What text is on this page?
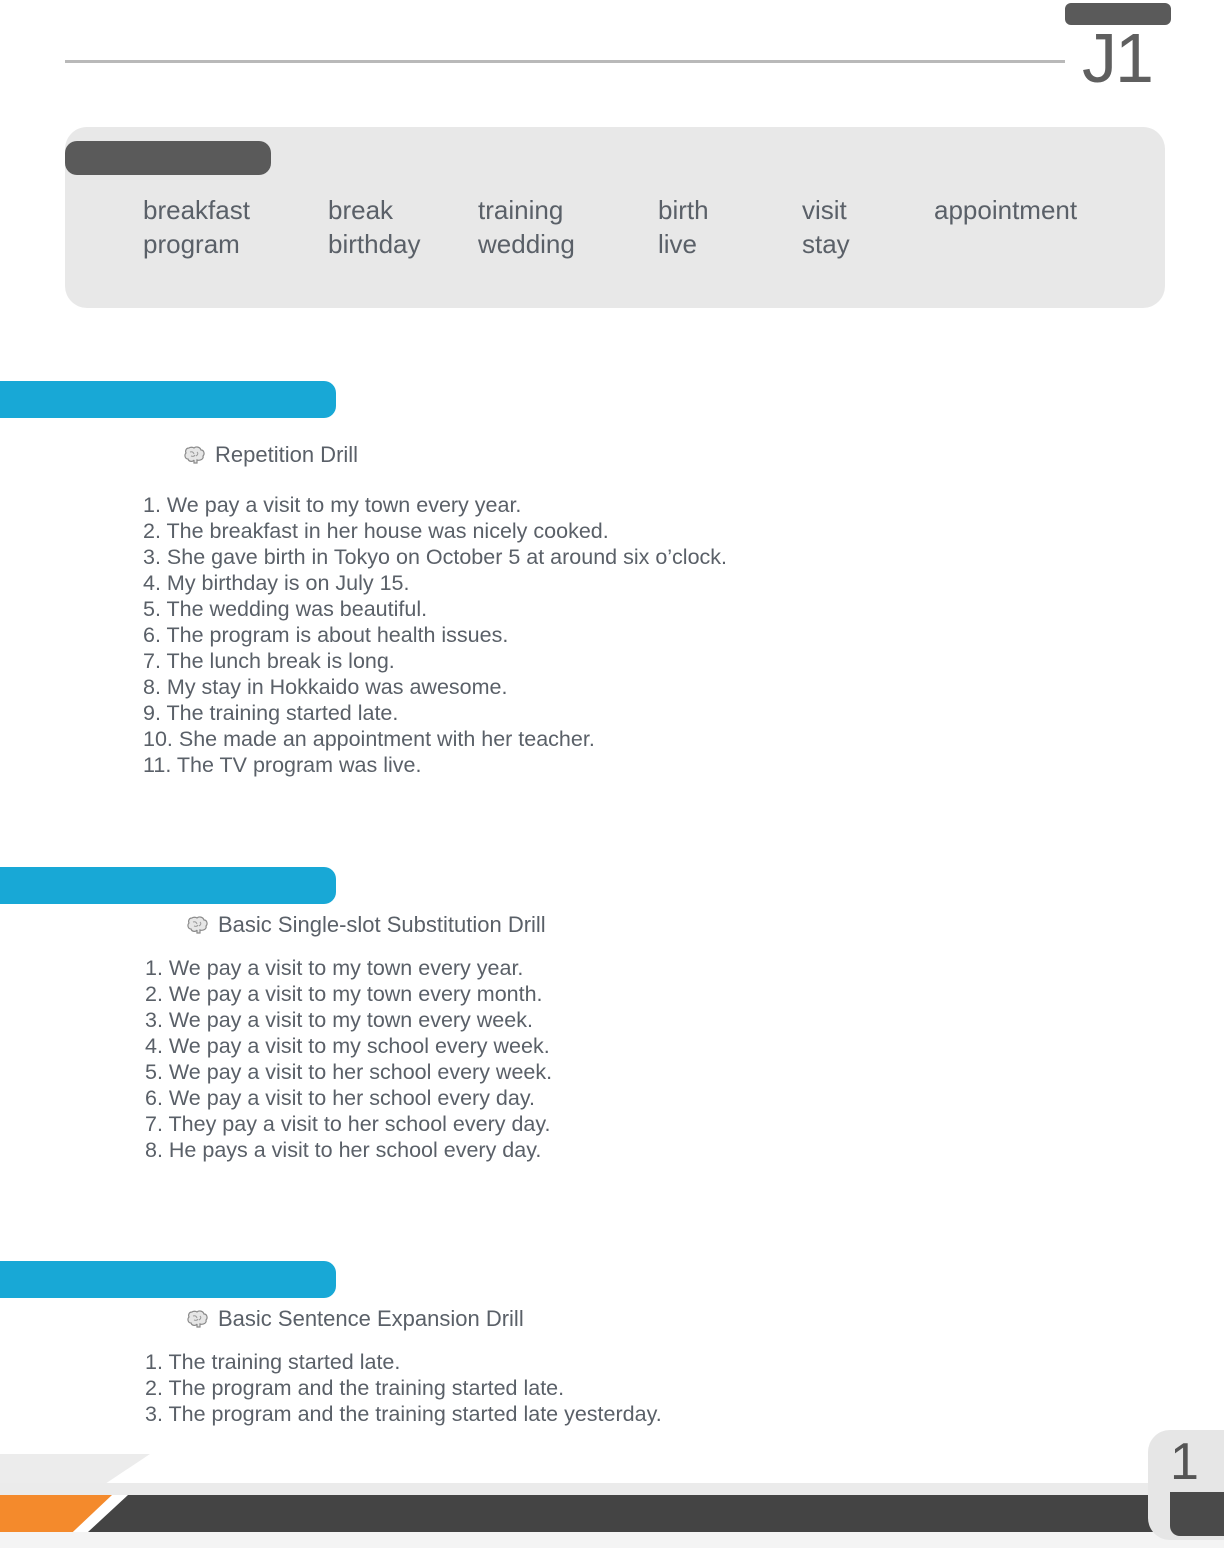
J1
breakfast
program
break
birthday
training
wedding
birth
live
visit
stay
appointment
Repetition Drill
1. We pay a visit to my town every year.
2. The breakfast in her house was nicely cooked.
3. She gave birth in Tokyo on October 5 at around six o’clock.
4. My birthday is on July 15.
5. The wedding was beautiful.
6. The program is about health issues.
7. The lunch break is long.
8. My stay in Hokkaido was awesome.
9. The training started late.
10. She made an appointment with her teacher.
11. The TV program was live.
Basic Single-slot Substitution Drill
1. We pay a visit to my town every year.
2. We pay a visit to my town every month.
3. We pay a visit to my town every week.
4. We pay a visit to my school every week.
5. We pay a visit to her school every week.
6. We pay a visit to her school every day.
7. They pay a visit to her school every day.
8. He pays a visit to her school every day.
Basic Sentence Expansion Drill
1. The training started late.
2. The program and the training started late.
3. The program and the training started late yesterday.
1
